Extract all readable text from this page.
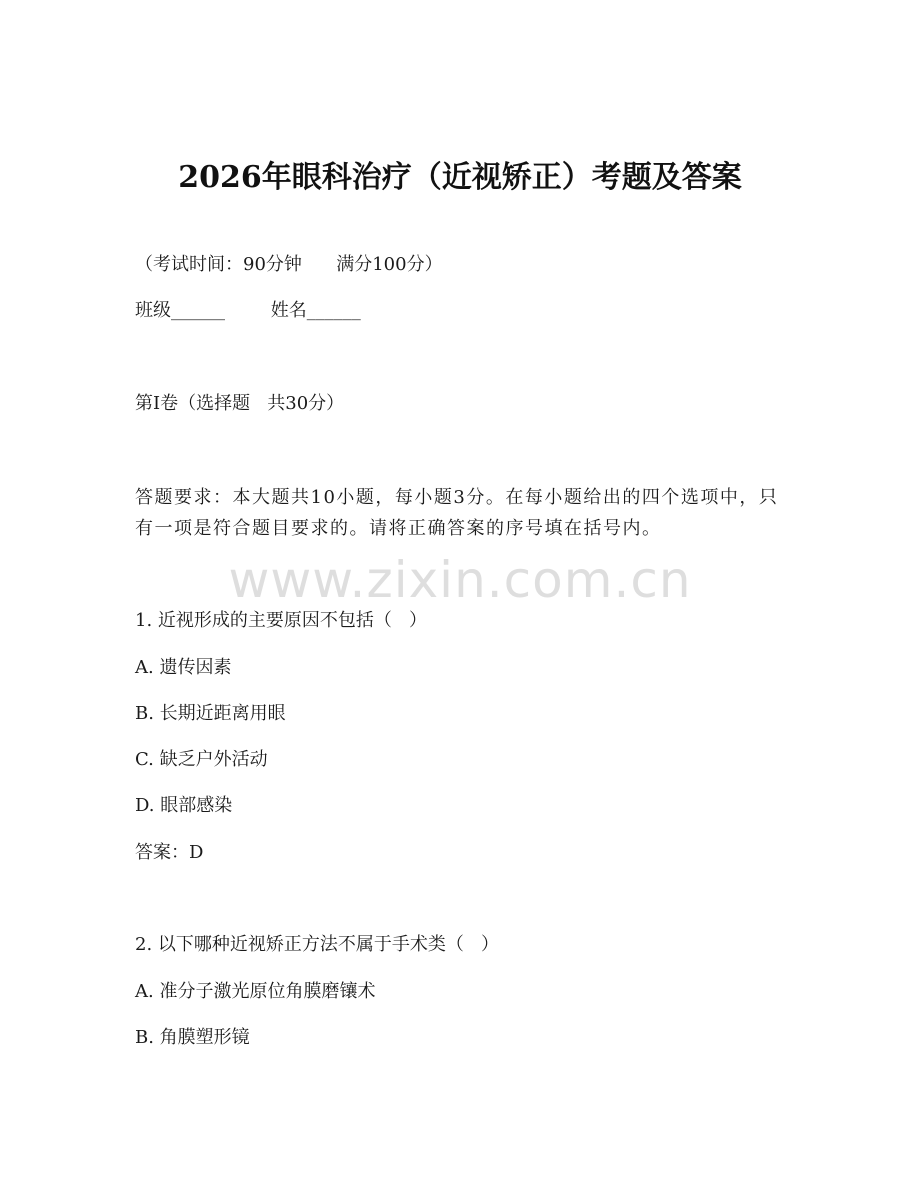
2026年眼科治疗（近视矫正）考题及答案
（考试时间：90分钟      满分100分）
班级______        姓名______
第I卷（选择题   共30分）
答题要求：本大题共10小题，每小题3分。在每小题给出的四个选项中，只有一项是符合题目要求的。请将正确答案的序号填在括号内。
www.zixin.com.cn
1. 近视形成的主要原因不包括（   ）
A. 遗传因素
B. 长期近距离用眼
C. 缺乏户外活动
D. 眼部感染
答案：D
2. 以下哪种近视矫正方法不属于手术类（   ）
A. 准分子激光原位角膜磨镶术
B. 角膜塑形镜
